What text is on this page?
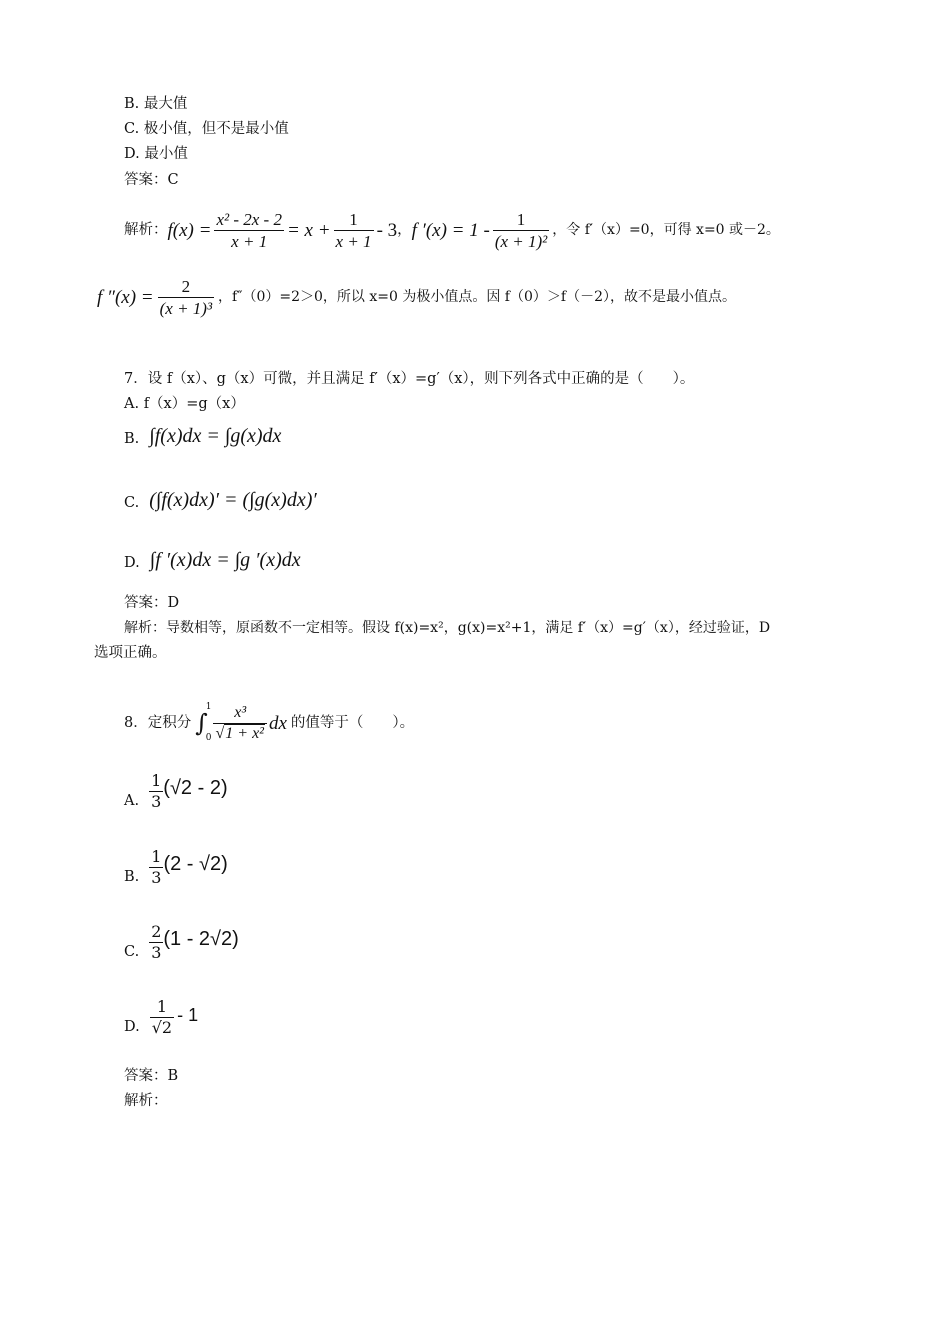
B. 最大值
C. 极小值，但不是最小值
D. 最小值
答案：C
解析： $f(x) = \frac{\text{x² - 2x - 2}}{x + 1} = x + \frac{1}{x + 1} - 3$ ， f $'(x) = 1 - \frac{1}{\text{(x + 1)²}}$ ，令 f′（x）=0，可得 x=0 或－2。
f $''(x) = \frac{2}{\text{(x + 1)³}}$ ，f″（0）=2＞0，所以 x=0 为极小值点。因 f（0）＞f（－2），故不是最小值点。
7．设 f（x）、g（x）可微，并且满足 f′（x）=g′（x），则下列各式中正确的是（　　）。
A. f（x）=g（x）
B. ∫f(x)dx = ∫g(x)dx
C. (∫f(x)dx)′ = (∫g(x)dx)′
D. ∫f ′(x)dx = ∫g ′(x)dx
答案：D
解析：导数相等，原函数不一定相等。假设 f(x)=x²，g(x)=x²+1，满足 f′（x）=g′（x），经过验证，D
选项正确。
8．定积分 ∫
1
$0 \frac{\text{x³}}{\text{√1 + x²}}$ dx 的值等于（　　）。
A. $\frac{1}{3} (√2 - 2)$
B. $\frac{1}{3} (2 - √2)$
C. $\frac{2}{3} (1 - 2√2)$
D. $\frac{1}{√2} - 1$
答案：B
解析：
